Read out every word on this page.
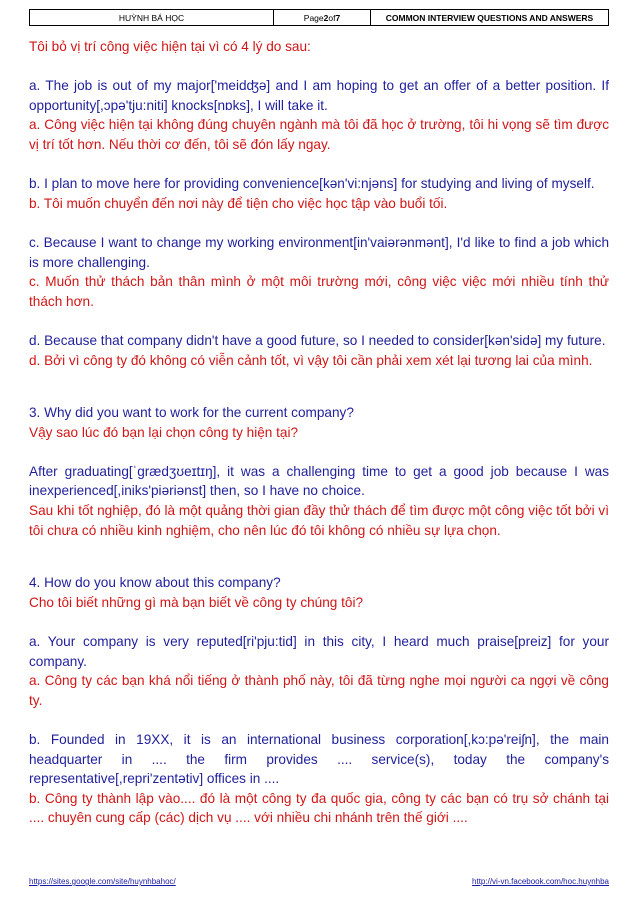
HUỲNH BÁ HỌC	Page 2 of 7	COMMON INTERVIEW QUESTIONS AND ANSWERS

Tôi bỏ vị trí công việc hiện tại vì có 4 lý do sau:

a. The job is out of my major['meidʤə] and I am hoping to get an offer of a better position. If opportunity[,ɔpə'tju:niti] knocks[nɒks], I will take it.

a. Công việc hiện tại không đúng chuyên ngành mà tôi đã học ở trường, tôi hi vọng sẽ tìm được vị trí tốt hơn. Nếu thời cơ đến, tôi sẽ đón lấy ngay.

b. I plan to move here for providing convenience[kən'vi:njəns] for studying and living of myself.

b. Tôi muốn chuyển đến nơi này để tiện cho việc học tập vào buổi tối.

c. Because I want to change my working environment[in'vaiərənmənt], I'd like to find a job which is more challenging.

c. Muốn thử thách bản thân mình ở một môi trường mới, công việc việc mới nhiều tính thử thách hơn.

d. Because that company didn't have a good future, so I needed to consider[kən'sidə] my future.

d. Bởi vì công ty đó không có viễn cảnh tốt, vì vậy tôi cần phải xem xét lại tương lai của mình.

3. Why did you want to work for the current company?

Vậy sao lúc đó bạn lại chọn công ty hiện tại?

After graduating[ˈɡrædʒʊeɪtɪŋ], it was a challenging time to get a good job because I was inexperienced[,iniks'piəriənst] then, so I have no choice.

Sau khi tốt nghiệp, đó là một quảng thời gian đầy thử thách để tìm được một công việc tốt bởi vì tôi chưa có nhiều kinh nghiệm, cho nên lúc đó tôi không có nhiều sự lựa chọn.

4. How do you know about this company?

Cho tôi biết những gì mà bạn biết về công ty chúng tôi?

a. Your company is very reputed[ri'pju:tid] in this city, I heard much praise[preiz] for your company.

a. Công ty các bạn khá nổi tiếng ở thành phố này, tôi đã từng nghe mọi người ca ngợi về công ty.

b. Founded in 19XX, it is an international business corporation[,kɔ:pə'reiʃn], the main headquarter in .... the firm provides .... service(s), today the company's representative[,repri'zentətiv] offices in ....

b. Công ty thành lập vào.... đó là một công ty đa quốc gia, công ty các bạn có trụ sở chánh tại .... chuyên cung cấp (các) dịch vụ .... với nhiều chi nhánh trên thế giới ....

https://sites.google.com/site/huynhbahoc/	http://vi-vn.facebook.com/hoc.huynhba
